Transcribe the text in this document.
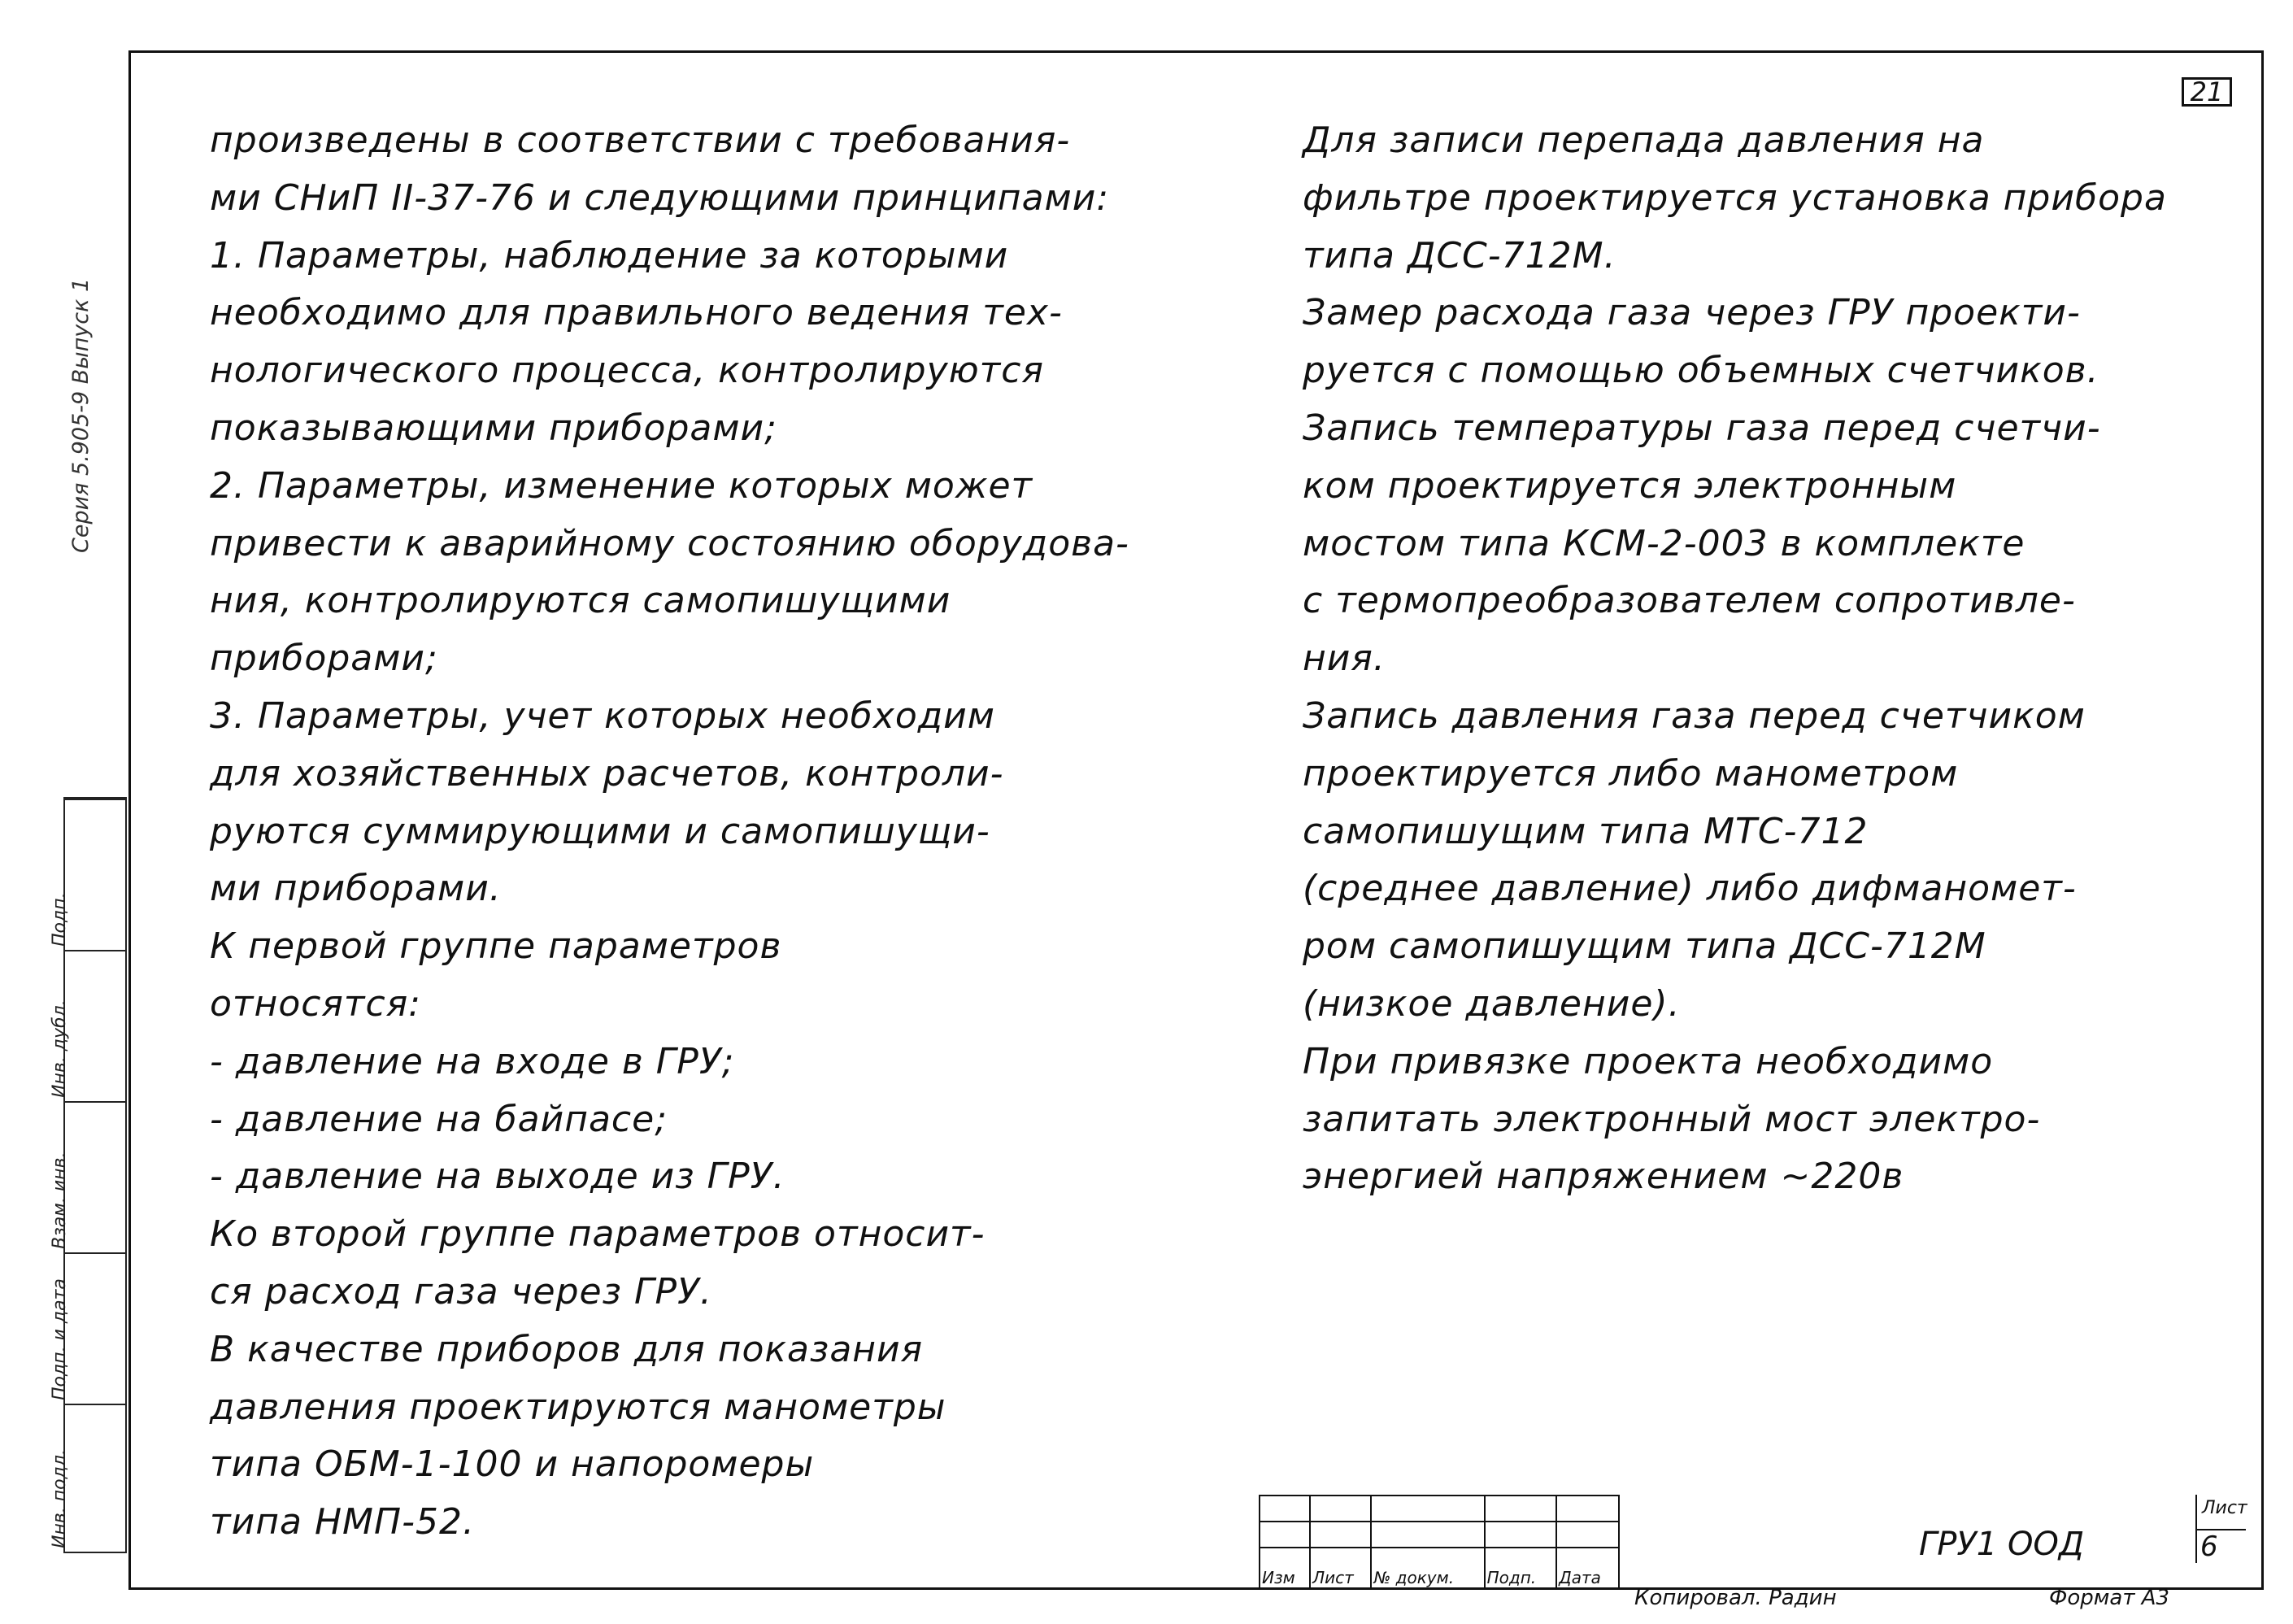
21
Серия 5.905-9 Выпуск 1
Подп.
Инв. дубл.
Взам. инв.
Подп. и дата
Инв. подл.
произведены в соответствии с требования-
ми СНиП II-37-76 и следующими принципами:
1. Параметры, наблюдение за которыми
необходимо для правильного ведения тех-
нологического процесса, контролируются
показывающими приборами;
2. Параметры, изменение которых может
привести к аварийному состоянию оборудова-
ния, контролируются самопишущими
приборами;
3. Параметры, учет которых необходим
для хозяйственных расчетов, контроли-
руются суммирующими и самопишущи-
ми приборами.
К первой группе параметров
относятся:
- давление на входе в ГРУ;
- давление на байпасе;
- давление на выходе из ГРУ.
Ко второй группе параметров относит-
ся расход газа через ГРУ.
В качестве приборов для показания
давления проектируются манометры
типа ОБМ-1-100 и напоромеры
типа НМП-52.
Для записи перепада давления на
фильтре проектируется установка прибора
типа ДСС-712М.
Замер расхода газа через ГРУ проекти-
руется с помощью объемных счетчиков.
Запись температуры газа перед счетчи-
ком проектируется электронным
мостом типа КСМ-2-003 в комплекте
с термопреобразователем сопротивле-
ния.
Запись давления газа перед счетчиком
проектируется либо манометром
самопишущим типа МТС-712
(среднее давление) либо дифманомет-
ром самопишущим типа ДСС-712М
(низкое давление).
При привязке проекта необходимо
запитать электронный мост электро-
энергией напряжением ~220в

Изм	Лист	№ докум.	Подп.	Дата
ГРУ1 ООД
Лист
6
Копировал. Радин	Формат А3
